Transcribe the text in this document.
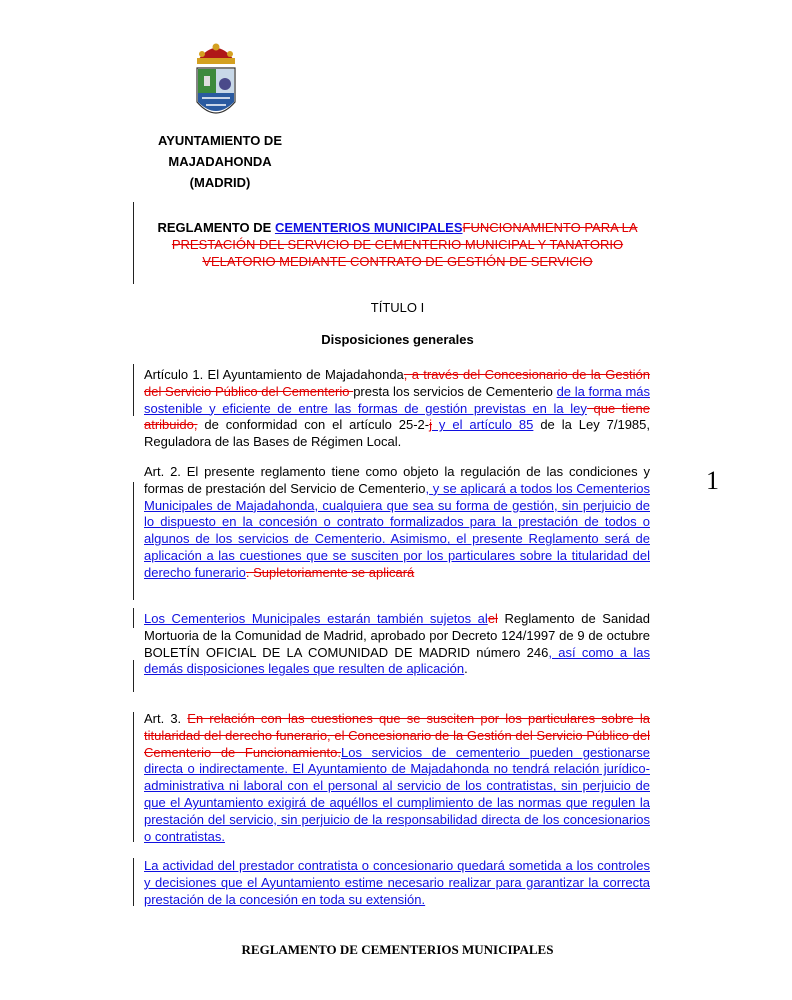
AYUNTAMIENTO DE
MAJADAHONDA
(MADRID)
REGLAMENTO DE CEMENTERIOS MUNICIPALESFUNCIONAMIENTO PARA LA PRESTACIÓN DEL SERVICIO DE CEMENTERIO MUNICIPAL Y TANATORIO VELATORIO MEDIANTE CONTRATO DE GESTIÓN DE SERVICIO
TÍTULO I
Disposiciones generales
Artículo 1. El Ayuntamiento de Majadahonda, a través del Concesionario de la Gestión del Servicio Público del Cementerio presta los servicios de Cementerio de la forma más sostenible y eficiente de entre las formas de gestión previstas en la ley que tiene atribuido, de conformidad con el artículo 25-2-j y el artículo 85 de la Ley 7/1985, Reguladora de las Bases de Régimen Local.
Art. 2. El presente reglamento tiene como objeto la regulación de las condiciones y formas de prestación del Servicio de Cementerio, y se aplicará a todos los Cementerios Municipales de Majadahonda, cualquiera que sea su forma de gestión, sin perjuicio de lo dispuesto en la concesión o contrato formalizados para la prestación de todos o algunos de los servicios de Cementerio. Asimismo, el presente Reglamento será de aplicación a las cuestiones que se susciten por los particulares sobre la titularidad del derecho funerario. Supletoriamente se aplicará
Los Cementerios Municipales estarán también sujetos alel Reglamento de Sanidad Mortuoria de la Comunidad de Madrid, aprobado por Decreto 124/1997 de 9 de octubre BOLETÍN OFICIAL DE LA COMUNIDAD DE MADRID número 246, así como a las demás disposiciones legales que resulten de aplicación.
Art. 3. En relación con las cuestiones que se susciten por los particulares sobre la titularidad del derecho funerario, el Concesionario de la Gestión del Servicio Público del Cementerio de Funcionamiento.Los servicios de cementerio pueden gestionarse directa o indirectamente. El Ayuntamiento de Majadahonda no tendrá relación jurídico-administrativa ni laboral con el personal al servicio de los contratistas, sin perjuicio de que el Ayuntamiento exigirá de aquéllos el cumplimiento de las normas que regulen la prestación del servicio, sin perjuicio de la responsabilidad directa de los concesionarios o contratistas.
La actividad del prestador contratista o concesionario quedará sometida a los controles y decisiones que el Ayuntamiento estime necesario realizar para garantizar la correcta prestación de la concesión en toda su extensión.
1
REGLAMENTO DE CEMENTERIOS MUNICIPALES
